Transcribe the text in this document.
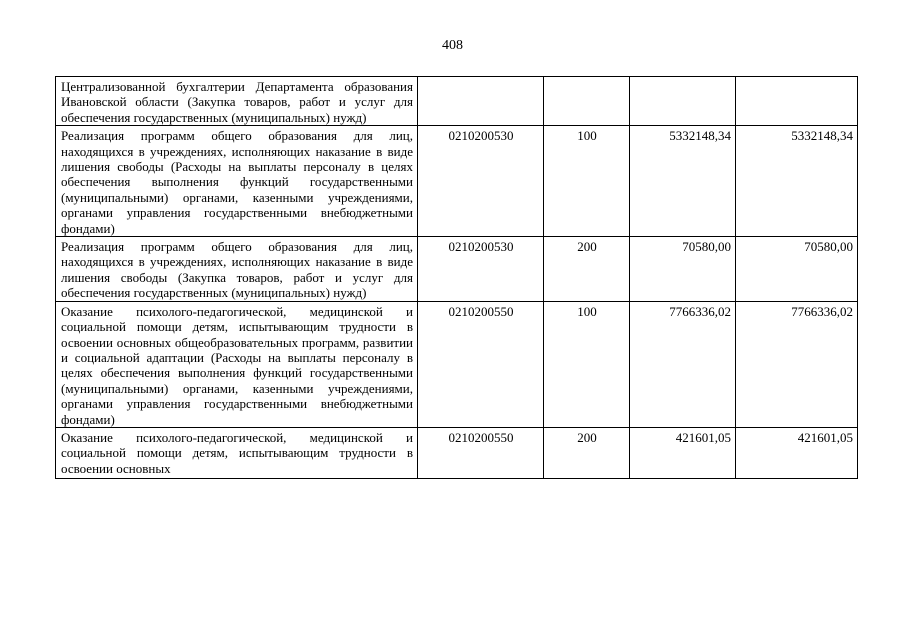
408
Централизованной бухгалтерии Департамента образования Ивановской области (Закупка товаров, работ и услуг для обеспечения государственных (муниципальных) нужд)				
Реализация программ общего образования для лиц, находящихся в учреждениях, исполняющих наказание в виде лишения свободы (Расходы на выплаты персоналу в целях обеспечения выполнения функций государственными (муниципальными) органами, казенными учреждениями, органами управления государственными внебюджетными фондами)	0210200530	100	5332148,34	5332148,34
Реализация программ общего образования для лиц, находящихся в учреждениях, исполняющих наказание в виде лишения свободы (Закупка товаров, работ и услуг для обеспечения государственных (муниципальных) нужд)	0210200530	200	70580,00	70580,00
Оказание психолого-педагогической, медицинской и социальной помощи детям, испытывающим трудности в освоении основных общеобразовательных программ, развитии и социальной адаптации (Расходы на выплаты персоналу в целях обеспечения выполнения функций государственными (муниципальными) органами, казенными учреждениями, органами управления государственными внебюджетными фондами)	0210200550	100	7766336,02	7766336,02
Оказание психолого-педагогической, медицинской и социальной помощи детям, испытывающим трудности в освоении основных	0210200550	200	421601,05	421601,05
